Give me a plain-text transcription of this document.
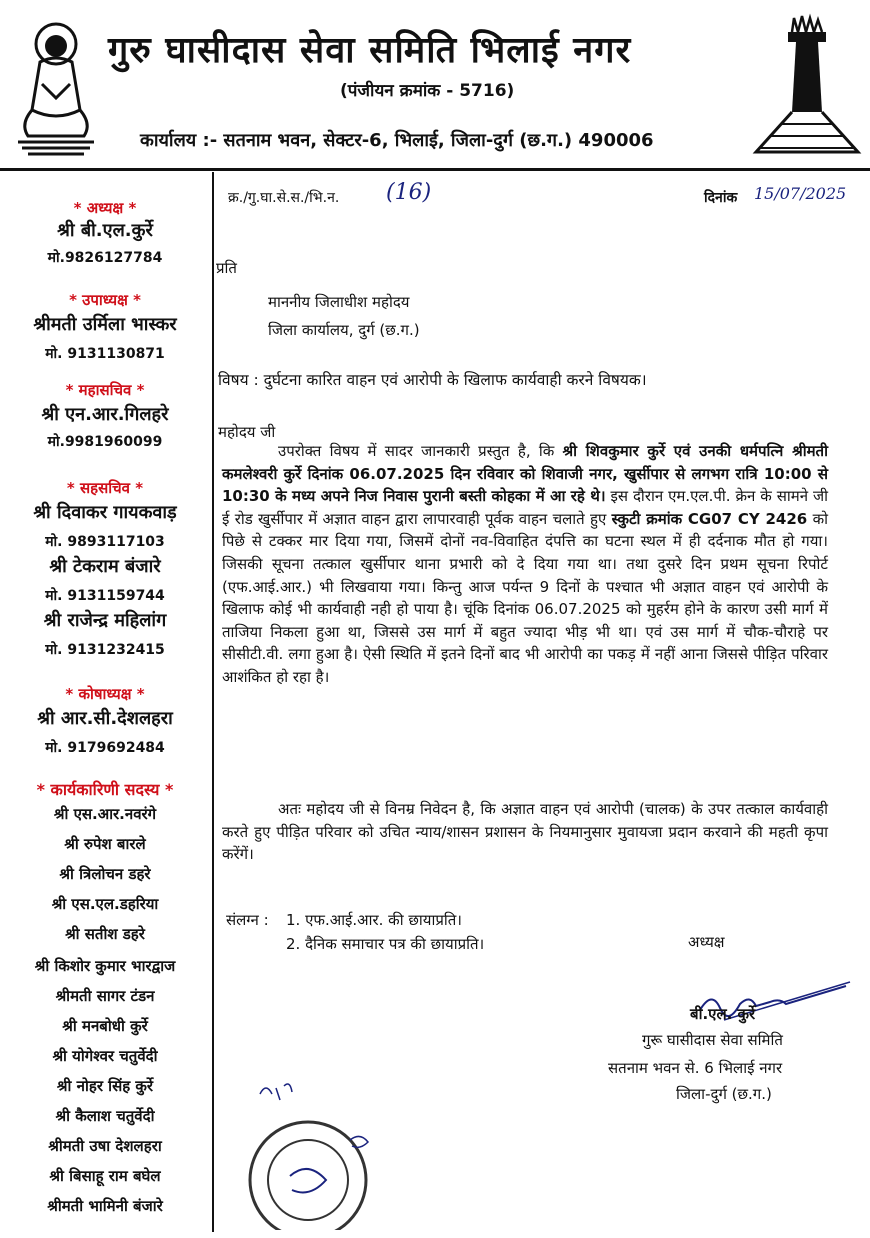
गुरु घासीदास सेवा समिति भिलाई नगर
(पंजीयन क्रमांक - 5716)
कार्यालय :- सतनाम भवन, सेक्टर-6, भिलाई, जिला-दुर्ग (छ.ग.) 490006
* अध्यक्ष *
श्री बी.एल.कुर्रे
मो.9826127784
* उपाध्यक्ष *
श्रीमती उर्मिला भास्कर
मो. 9131130871
* महासचिव *
श्री एन.आर.गिलहरे
मो.9981960099
* सहसचिव *
श्री दिवाकर गायकवाड़
मो. 9893117103
श्री टेकराम बंजारे
मो. 9131159744
श्री राजेन्द्र महिलांग
मो. 9131232415
* कोषाध्यक्ष *
श्री आर.सी.देशलहरा
मो. 9179692484
* कार्यकारिणी सदस्य *
श्री एस.आर.नवरंगे
श्री रुपेश बारले
श्री त्रिलोचन डहरे
श्री एस.एल.डहरिया
श्री सतीश डहरे
श्री किशोर कुमार भारद्वाज
श्रीमती सागर टंडन
श्री मनबोधी कुर्रे
श्री योगेश्वर चतुर्वेदी
श्री नोहर सिंह कुर्रे
श्री कैलाश चतुर्वेदी
श्रीमती उषा देशलहरा
श्री बिसाहू राम बघेल
श्रीमती भामिनी बंजारे
क्र./गु.घा.से.स./भि.न. (16)	दिनांक 15/07/2025
प्रति
माननीय जिलाधीश महोदय
जिला कार्यालय, दुर्ग (छ.ग.)
विषय : दुर्घटना कारित वाहन एवं आरोपी के खिलाफ कार्यवाही करने विषयक।
महोदय जी
उपरोक्त विषय में सादर जानकारी प्रस्तुत है, कि श्री शिवकुमार कुर्रे एवं उनकी धर्मपत्नि श्रीमती कमलेश्वरी कुर्रे दिनांक 06.07.2025 दिन रविवार को शिवाजी नगर, खुर्सीपार से लगभग रात्रि 10:00 से 10:30 के मध्य अपने निज निवास पुरानी बस्ती कोहका में आ रहे थे। इस दौरान एम.एल.पी. क्रेन के सामने जी ई रोड खुर्सीपार में अज्ञात वाहन द्वारा लापारवाही पूर्वक वाहन चलाते हुए स्कुटी क्रमांक CG07 CY 2426 को पिछे से टक्कर मार दिया गया, जिसमें दोनों नव-विवाहित दंपत्ति का घटना स्थल में ही दर्दनाक मौत हो गया। जिसकी सूचना तत्काल खुर्सीपार थाना प्रभारी को दे दिया गया था। तथा दुसरे दिन प्रथम सूचना रिपोर्ट (एफ.आई.आर.) भी लिखवाया गया। किन्तु आज पर्यन्त 9 दिनों के पश्चात भी अज्ञात वाहन एवं आरोपी के खिलाफ कोई भी कार्यवाही नही हो पाया है। चूंकि दिनांक 06.07.2025 को मुहर्रम होने के कारण उसी मार्ग में ताजिया निकला हुआ था, जिससे उस मार्ग में बहुत ज्यादा भीड़ भी था। एवं उस मार्ग में चौक-चौराहे पर सीसीटी.वी. लगा हुआ है। ऐसी स्थिति में इतने दिनों बाद भी आरोपी का पकड़ में नहीं आना जिससे पीड़ित परिवार आशंकित हो रहा है।
अतः महोदय जी से विनम्र निवेदन है, कि अज्ञात वाहन एवं आरोपी (चालक) के उपर तत्काल कार्यवाही करते हुए पीड़ित परिवार को उचित न्याय/शासन प्रशासन के नियमानुसार मुवायजा प्रदान करवाने की महती कृपा करेंगें।
संलग्न : 1. एफ.आई.आर. की छायाप्रति।
2. दैनिक समाचार पत्र की छायाप्रति।	अध्यक्ष
बी.एल. कुर्रे
गुरू घासीदास सेवा समिति
सतनाम भवन से. 6 भिलाई नगर
जिला-दुर्ग (छ.ग.)
